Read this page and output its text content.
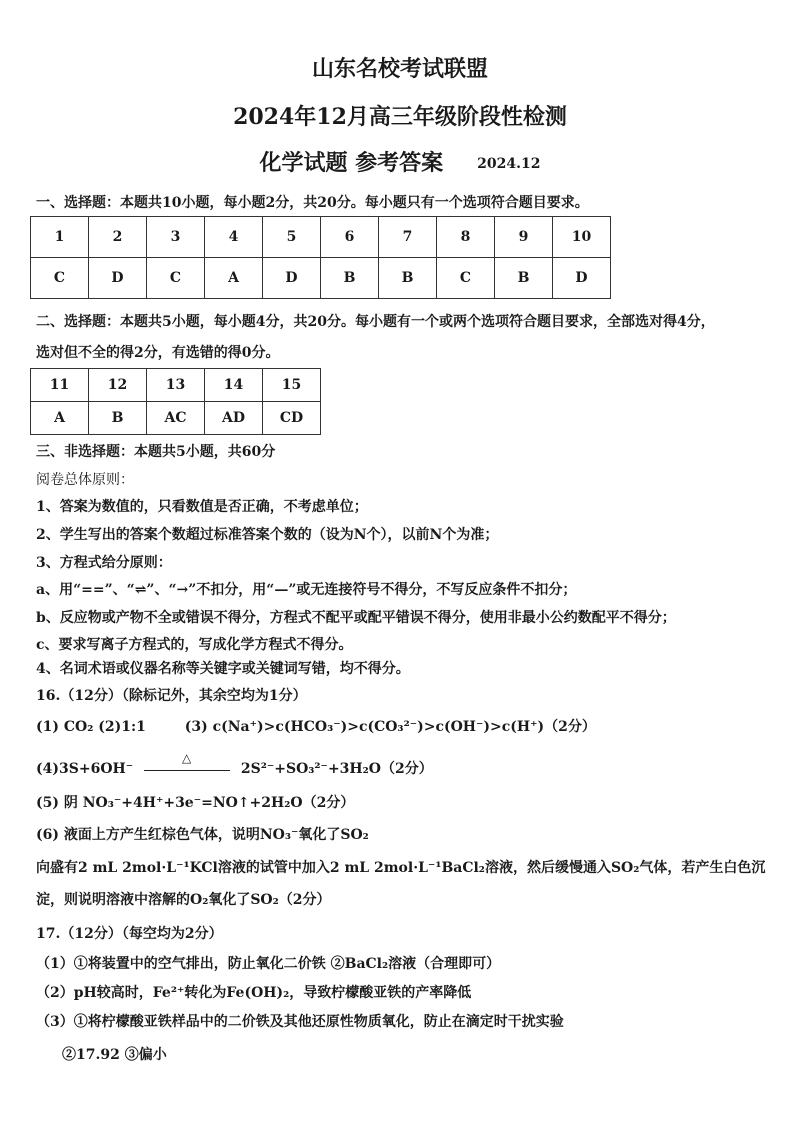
山东名校考试联盟
2024年12月高三年级阶段性检测
化学试题 参考答案 2024.12
一、选择题：本题共10小题，每小题2分，共20分。每小题只有一个选项符合题目要求。
1	2	3	4	5	6	7	8	9	10
C	D	C	A	D	B	B	C	B	D
二、选择题：本题共5小题，每小题4分，共20分。每小题有一个或两个选项符合题目要求，全部选对得4分，
选对但不全的得2分，有选错的得0分。
11	12	13	14	15
A	B	AC	AD	CD
三、非选择题：本题共5小题，共60分
阅卷总体原则：
1、答案为数值的，只看数值是否正确，不考虑单位；
2、学生写出的答案个数超过标准答案个数的（设为N个），以前N个为准；
3、方程式给分原则：
a、用“==”、“⇌”、“→”不扣分，用“—”或无连接符号不得分，不写反应条件不扣分；
b、反应物或产物不全或错误不得分，方程式不配平或配平错误不得分，使用非最小公约数配平不得分；
c、要求写离子方程式的，写成化学方程式不得分。
4、名词术语或仪器名称等关键字或关键词写错，均不得分。
16.（12分）（除标记外，其余空均为1分）
(1) CO₂ (2)1:1	(3) c(Na⁺)>c(HCO₃⁻)>c(CO₃²⁻)>c(OH⁻)>c(H⁺)（2分）
(4)3S+6OH⁻
△
2S²⁻+SO₃²⁻+3H₂O（2分）
(5) 阴 NO₃⁻+4H⁺+3e⁻=NO↑+2H₂O（2分）
(6) 液面上方产生红棕色气体，说明NO₃⁻氧化了SO₂
向盛有2 mL 2mol·L⁻¹KCl溶液的试管中加入2 mL 2mol·L⁻¹BaCl₂溶液，然后缓慢通入SO₂气体，若产生白色沉
淀，则说明溶液中溶解的O₂氧化了SO₂（2分）
17.（12分）（每空均为2分）
（1）①将装置中的空气排出，防止氧化二价铁 ②BaCl₂溶液（合理即可）
（2）pH较高时，Fe²⁺转化为Fe(OH)₂，导致柠檬酸亚铁的产率降低
（3）①将柠檬酸亚铁样品中的二价铁及其他还原性物质氧化，防止在滴定时干扰实验
②17.92 ③偏小
